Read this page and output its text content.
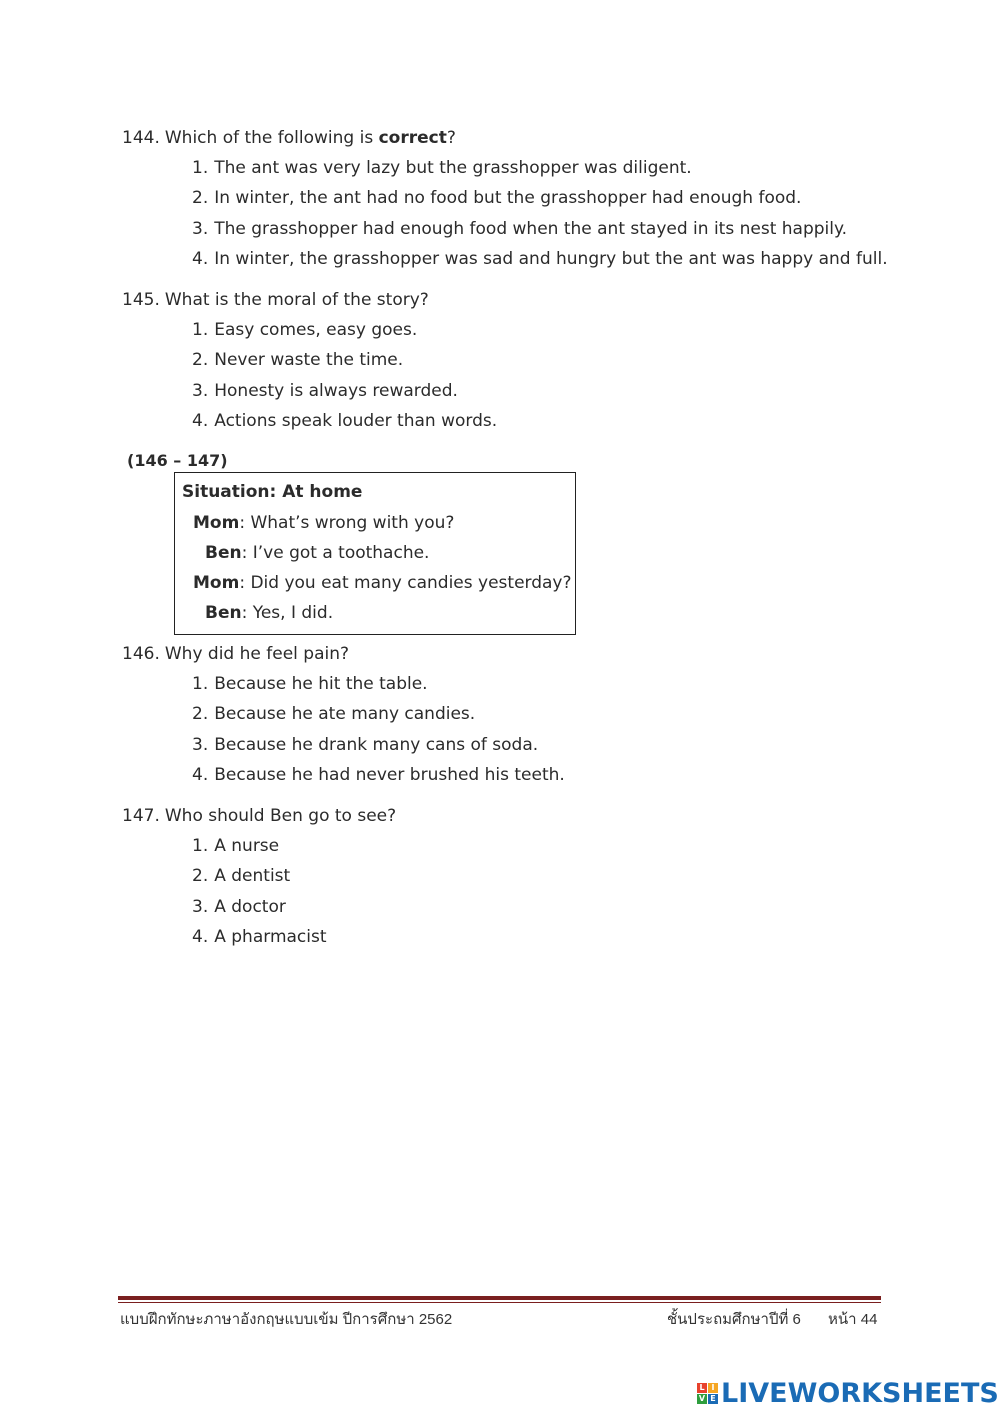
144. Which of the following is correct?
1. The ant was very lazy but the grasshopper was diligent.
2. In winter, the ant had no food but the grasshopper had enough food.
3. The grasshopper had enough food when the ant stayed in its nest happily.
4. In winter, the grasshopper was sad and hungry but the ant was happy and full.
145. What is the moral of the story?
1. Easy comes, easy goes.
2. Never waste the time.
3. Honesty is always rewarded.
4. Actions speak louder than words.
(146 – 147)
Situation: At home
Mom: What’s wrong with you?
Ben: I’ve got a toothache.
Mom: Did you eat many candies yesterday?
Ben: Yes, I did.
146. Why did he feel pain?
1. Because he hit the table.
2. Because he ate many candies.
3. Because he drank many cans of soda.
4. Because he had never brushed his teeth.
147. Who should Ben go to see?
1. A nurse
2. A dentist
3. A doctor
4. A pharmacist
แบบฝึกทักษะภาษาอังกฤษแบบเข้ม ปีการศึกษา 2562	ชั้นประถมศึกษาปีที่ 6 หน้า 44
L I
V E LIVEWORKSHEETS
